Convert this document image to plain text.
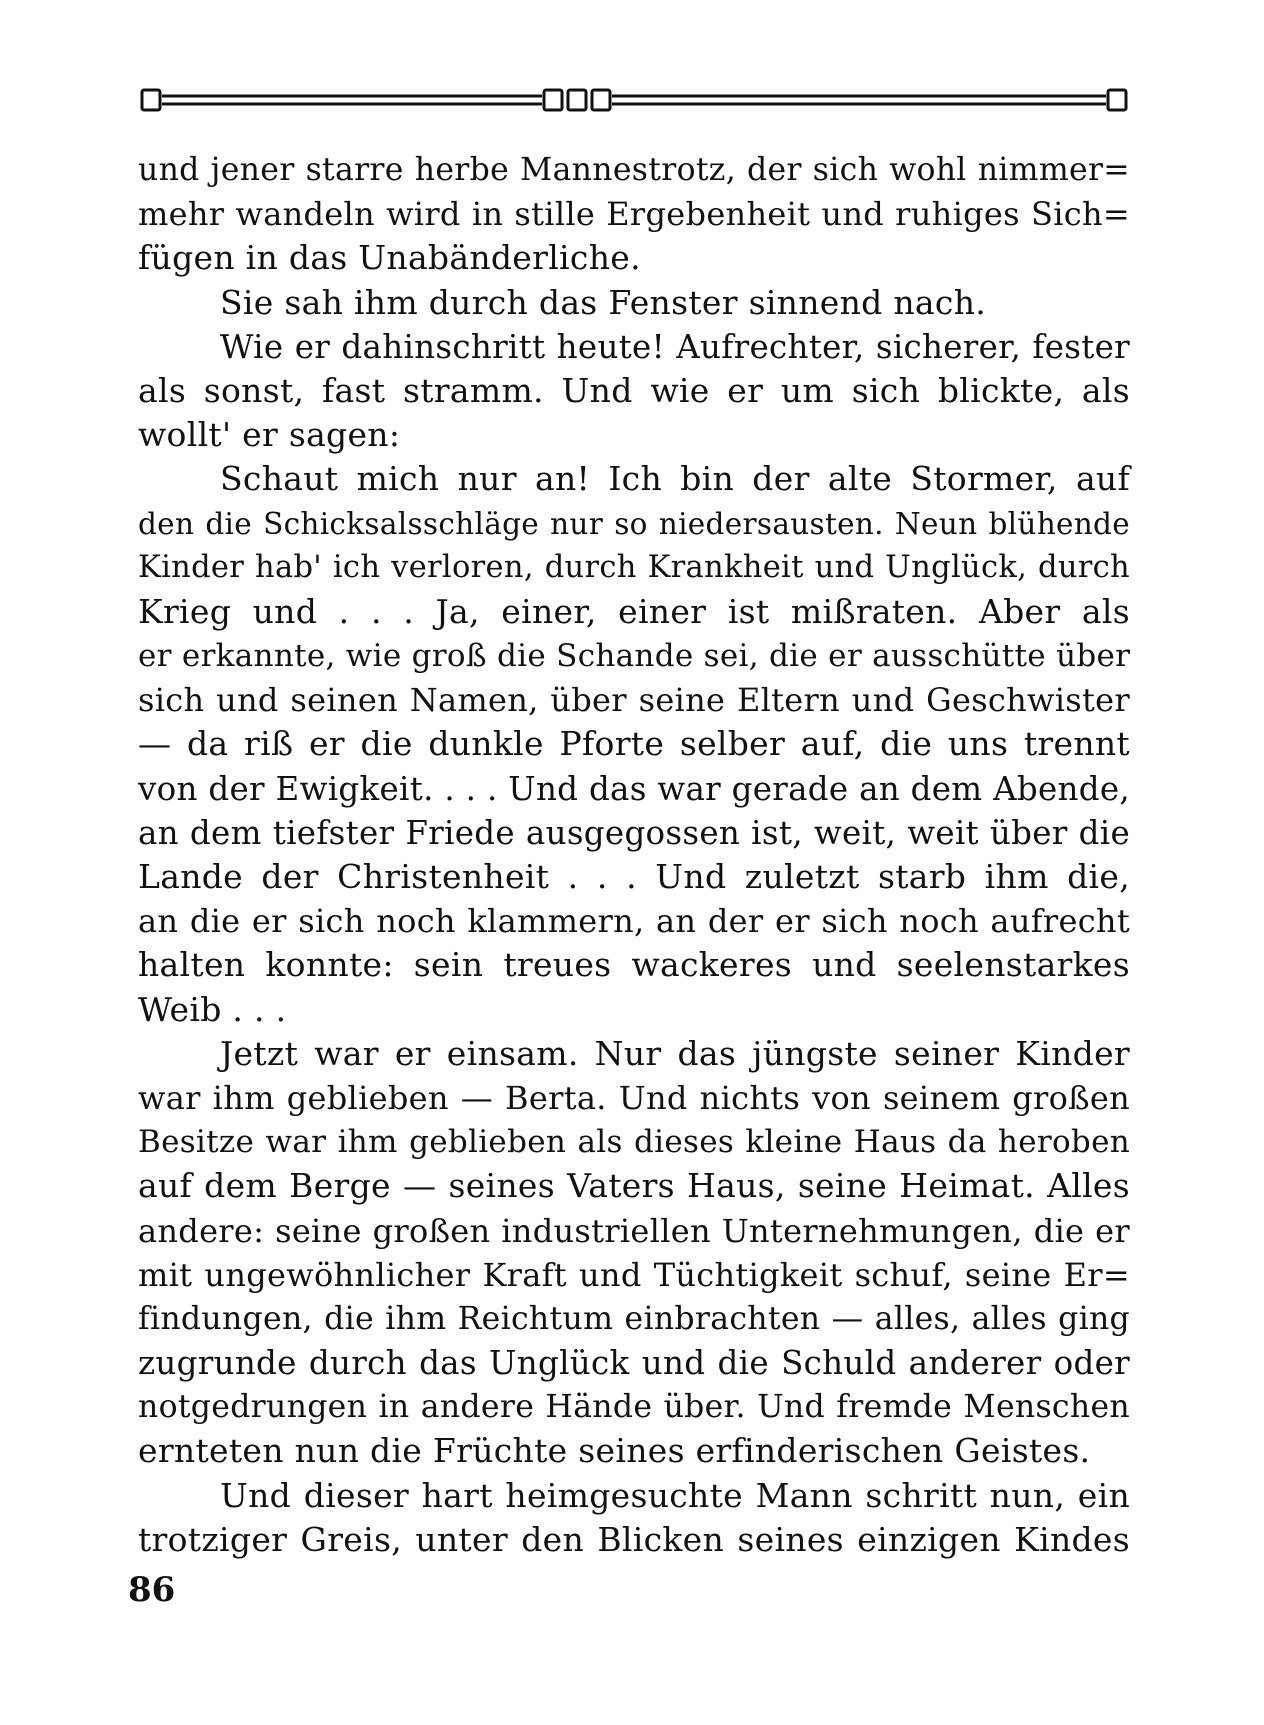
und jener starre herbe Mannestrotz, der sich wohl nimmer=
mehr wandeln wird in stille Ergebenheit und ruhiges Sich=
fügen in das Unabänderliche.
Sie sah ihm durch das Fenster sinnend nach.
Wie er dahinschritt heute! Aufrechter, sicherer, fester
als sonst, fast stramm. Und wie er um sich blickte, als
wollt' er sagen:
Schaut mich nur an! Ich bin der alte Stormer, auf
den die Schicksalsschläge nur so niedersausten. Neun blühende
Kinder hab' ich verloren, durch Krankheit und Unglück, durch
Krieg und . . . Ja, einer, einer ist mißraten. Aber als
er erkannte, wie groß die Schande sei, die er ausschütte über
sich und seinen Namen, über seine Eltern und Geschwister
— da riß er die dunkle Pforte selber auf, die uns trennt
von der Ewigkeit. . . . Und das war gerade an dem Abende,
an dem tiefster Friede ausgegossen ist, weit, weit über die
Lande der Christenheit . . . Und zuletzt starb ihm die,
an die er sich noch klammern, an der er sich noch aufrecht
halten konnte: sein treues wackeres und seelenstarkes
Weib . . .
Jetzt war er einsam. Nur das jüngste seiner Kinder
war ihm geblieben — Berta. Und nichts von seinem großen
Besitze war ihm geblieben als dieses kleine Haus da heroben
auf dem Berge — seines Vaters Haus, seine Heimat. Alles
andere: seine großen industriellen Unternehmungen, die er
mit ungewöhnlicher Kraft und Tüchtigkeit schuf, seine Er=
findungen, die ihm Reichtum einbrachten — alles, alles ging
zugrunde durch das Unglück und die Schuld anderer oder
notgedrungen in andere Hände über. Und fremde Menschen
ernteten nun die Früchte seines erfinderischen Geistes.
Und dieser hart heimgesuchte Mann schritt nun, ein
trotziger Greis, unter den Blicken seines einzigen Kindes
86
